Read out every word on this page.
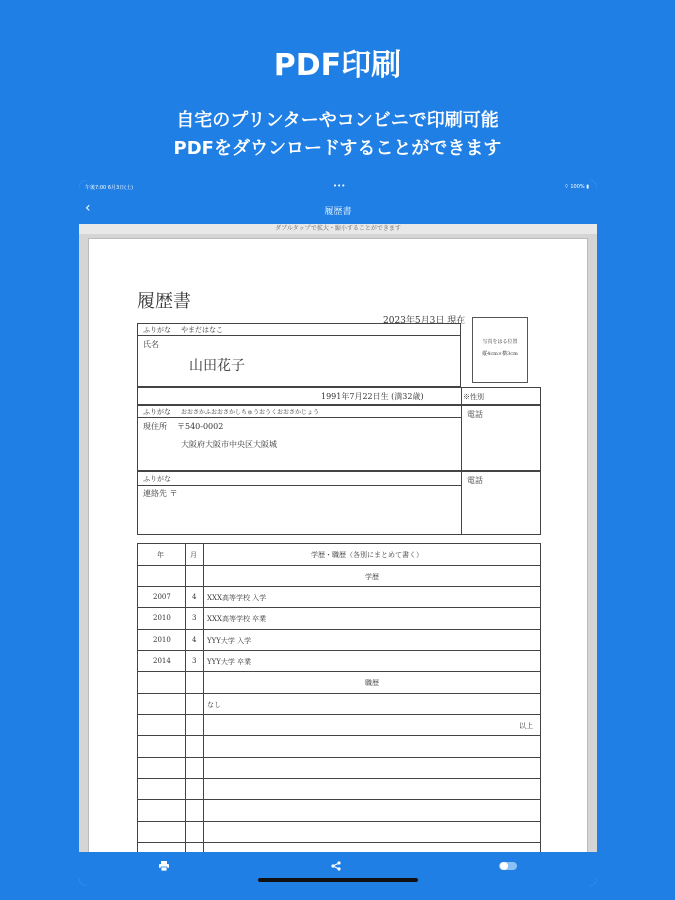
PDF印刷
自宅のプリンターやコンビニで印刷可能
PDFをダウンロードすることができます
午後7:00 6月3日(土)	•••	⌔ 100% ▮
‹	履歴書
ダブルタップで拡大・縮小することができます
履歴書
2023年5月3日 現在
写真をはる位置
縦4cm×横3cm
ふりがな やまだはなこ
氏名
山田花子
1991年7月22日生 (満32歳)	※性別
ふりがな おおさかふおおさかしちゅうおうくおおさかじょう
現住所 〒540-0002
大阪府大阪市中央区大阪城
電話
ふりがな
連絡先 〒
電話
年	月	学歴・職歴（各別にまとめて書く）
学歴
2007	4 XXX高等学校 入学
2010	3 XXX高等学校 卒業
2010	4 YYY大学 入学
2014	3 YYY大学 卒業
職歴
なし
以上
